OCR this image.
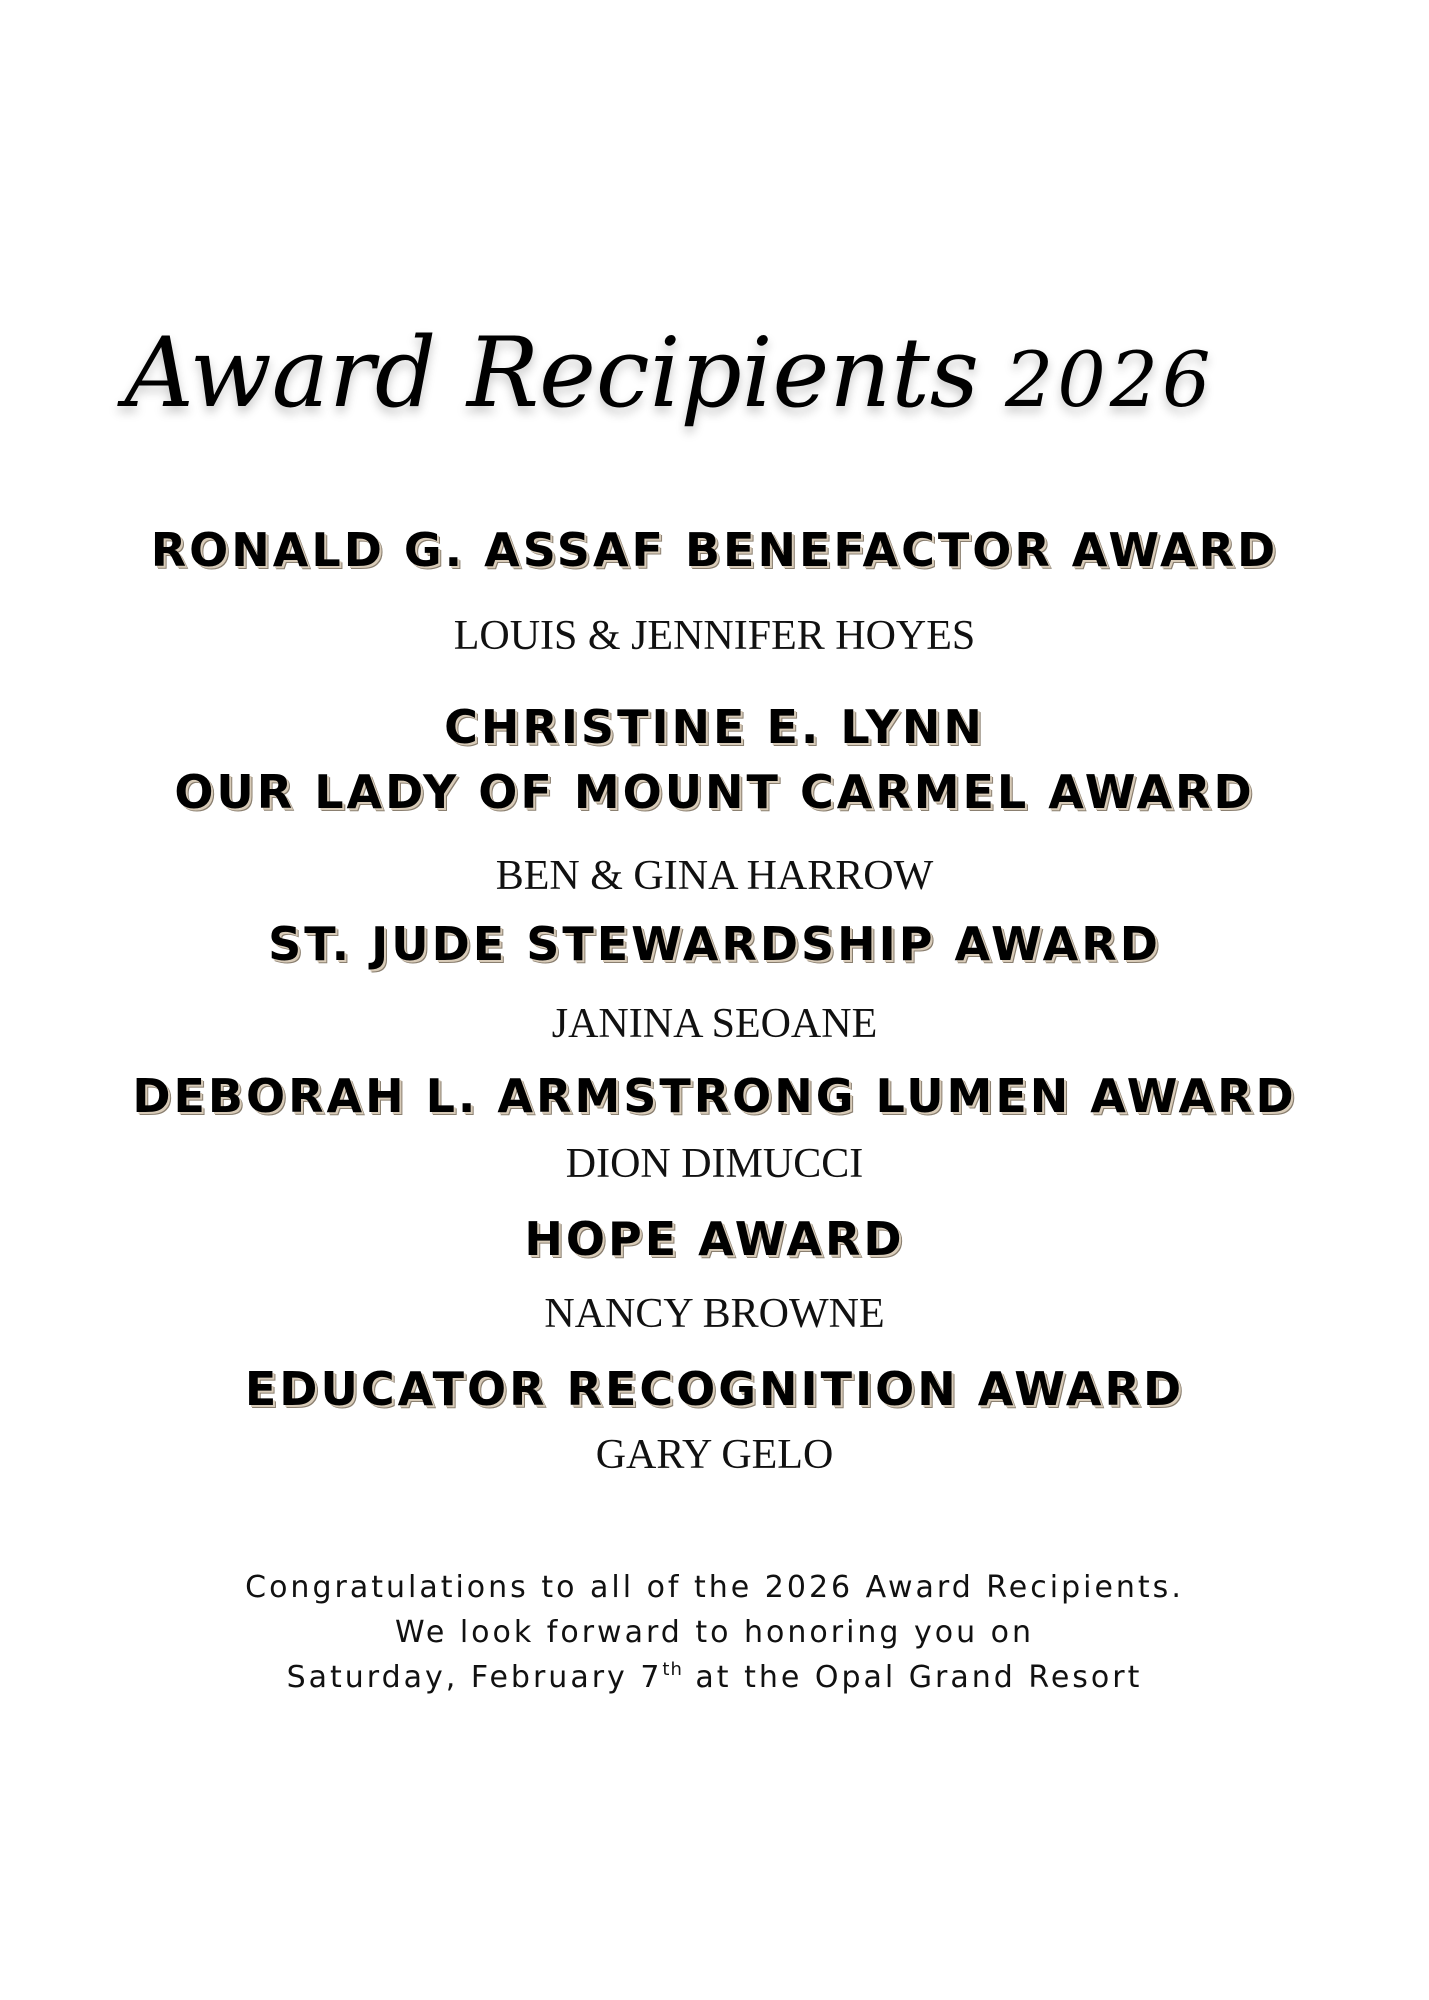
Award Recipients 2026
RONALD G. ASSAF BENEFACTOR AWARD
LOUIS & JENNIFER HOYES
CHRISTINE E. LYNN
OUR LADY OF MOUNT CARMEL AWARD
BEN & GINA HARROW
ST. JUDE STEWARDSHIP AWARD
JANINA SEOANE
DEBORAH L. ARMSTRONG LUMEN AWARD
DION DIMUCCI
HOPE AWARD
NANCY BROWNE
EDUCATOR RECOGNITION AWARD
GARY GELO
Congratulations to all of the 2026 Award Recipients.
We look forward to honoring you on
Saturday, February 7th at the Opal Grand Resort
